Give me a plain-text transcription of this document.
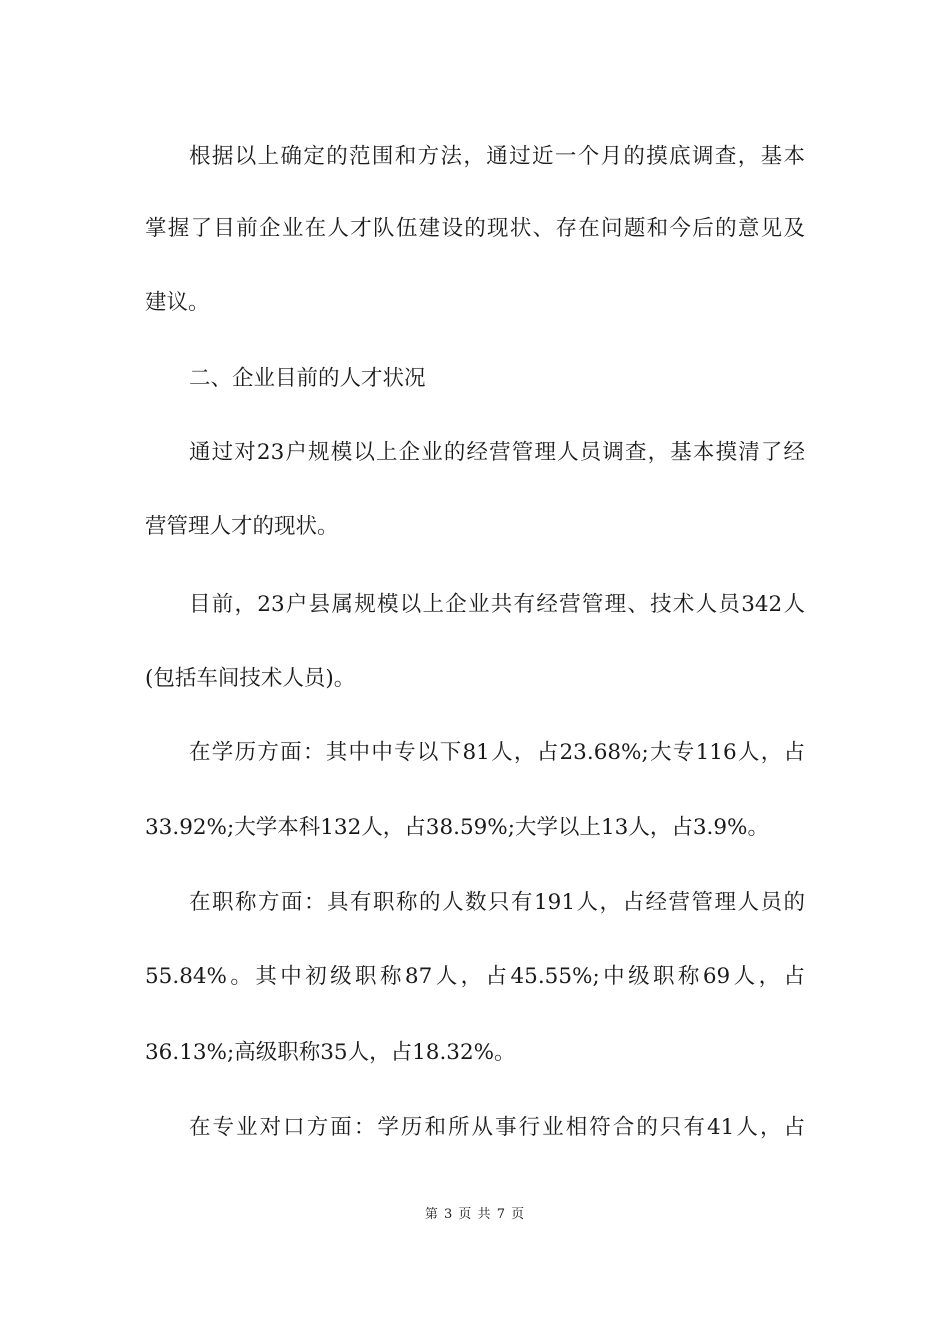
根据以上确定的范围和方法，通过近一个月的摸底调查，基本
掌握了目前企业在人才队伍建设的现状、存在问题和今后的意见及
建议。
二、企业目前的人才状况
通过对23户规模以上企业的经营管理人员调查，基本摸清了经
营管理人才的现状。
目前，23户县属规模以上企业共有经营管理、技术人员342人
(包括车间技术人员)。
在学历方面：其中中专以下81人，占23.68%;大专116人，占
33.92%;大学本科132人，占38.59%;大学以上13人，占3.9%。
在职称方面：具有职称的人数只有191人，占经营管理人员的
55.84%。其中初级职称87人，占45.55%;中级职称69人，占
36.13%;高级职称35人，占18.32%。
在专业对口方面：学历和所从事行业相符合的只有41人，占
第 3 页 共 7 页
